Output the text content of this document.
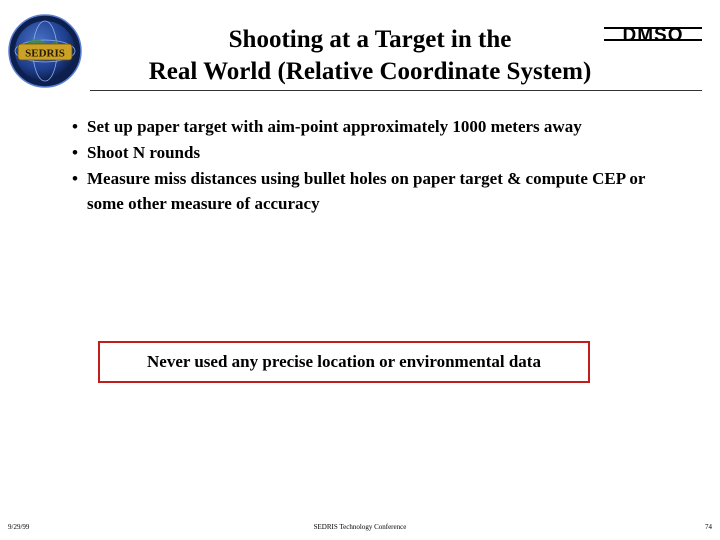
SEDRIS
Shooting at a Target in the
Real World (Relative Coordinate System)
DMSO
• Set up paper target with aim-point approximately 1000 meters away
• Shoot N rounds
• Measure miss distances using bullet holes on paper target & compute CEP or some other measure of accuracy
Never used any precise location or environmental data
9/29/99	SEDRIS Technology Conference	74
